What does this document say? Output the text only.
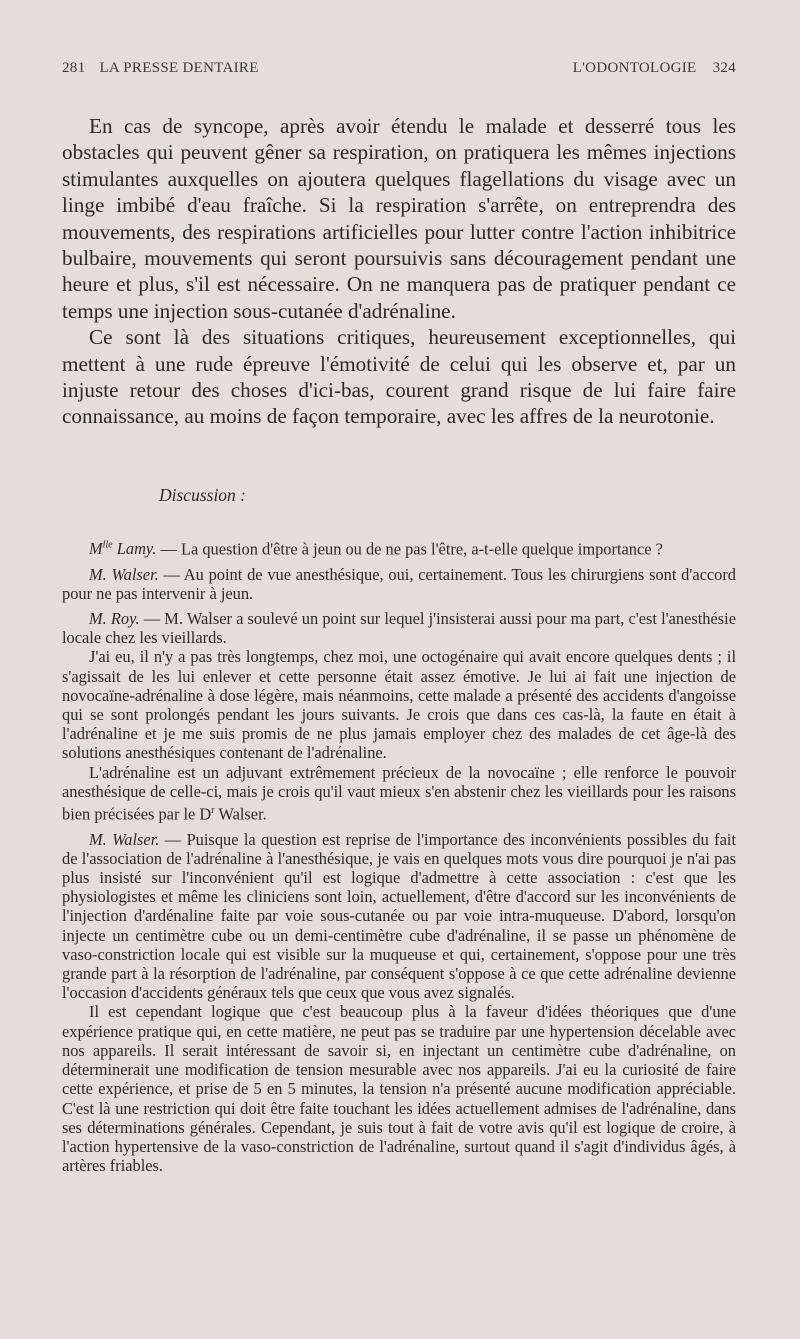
281 LA PRESSE DENTAIRE	L'ODONTOLOGIE 324

En cas de syncope, après avoir étendu le malade et desserré tous les obstacles qui peuvent gêner sa respiration, on pratiquera les mêmes injections stimulantes auxquelles on ajoutera quelques flagellations du visage avec un linge imbibé d'eau fraîche. Si la respiration s'arrête, on entreprendra des mouvements, des respirations artificielles pour lutter contre l'action inhibitrice bulbaire, mouvements qui seront poursuivis sans découragement pendant une heure et plus, s'il est nécessaire. On ne manquera pas de pratiquer pendant ce temps une injection sous-cutanée d'adrénaline.

Ce sont là des situations critiques, heureusement exceptionnelles, qui mettent à une rude épreuve l'émotivité de celui qui les observe et, par un injuste retour des choses d'ici-bas, courent grand risque de lui faire faire connaissance, au moins de façon temporaire, avec les affres de la neurotonie.

Discussion :

$M^{lle}$ Lamy. — La question d'être à jeun ou de ne pas l'être, a-t-elle quelque importance ?

M. Walser. — Au point de vue anesthésique, oui, certainement. Tous les chirurgiens sont d'accord pour ne pas intervenir à jeun.

M. Roy. — M. Walser a soulevé un point sur lequel j'insisterai aussi pour ma part, c'est l'anesthésie locale chez les vieillards.

J'ai eu, il n'y a pas très longtemps, chez moi, une octogénaire qui avait encore quelques dents ; il s'agissait de les lui enlever et cette personne était assez émotive. Je lui ai fait une injection de novocaïne-adrénaline à dose légère, mais néanmoins, cette malade a présenté des accidents d'angoisse qui se sont prolongés pendant les jours suivants. Je crois que dans ces cas-là, la faute en était à l'adrénaline et je me suis promis de ne plus jamais employer chez des malades de cet âge-là des solutions anesthésiques contenant de l'adrénaline.

L'adrénaline est un adjuvant extrêmement précieux de la novocaïne ; elle renforce le pouvoir anesthésique de celle-ci, mais je crois qu'il vaut mieux s'en abstenir chez les vieillards pour les raisons bien précisées par le $D^r$ Walser.

M. Walser. — Puisque la question est reprise de l'importance des inconvénients possibles du fait de l'association de l'adrénaline à l'anesthésique, je vais en quelques mots vous dire pourquoi je n'ai pas plus insisté sur l'inconvénient qu'il est logique d'admettre à cette association : c'est que les physiologistes et même les cliniciens sont loin, actuellement, d'être d'accord sur les inconvénients de l'injection d'ardénaline faite par voie sous-cutanée ou par voie intra-muqueuse. D'abord, lorsqu'on injecte un centimètre cube ou un demi-centimètre cube d'adrénaline, il se passe un phénomène de vaso-constriction locale qui est visible sur la muqueuse et qui, certainement, s'oppose pour une très grande part à la résorption de l'adrénaline, par conséquent s'oppose à ce que cette adrénaline devienne l'occasion d'accidents généraux tels que ceux que vous avez signalés.

Il est cependant logique que c'est beaucoup plus à la faveur d'idées théoriques que d'une expérience pratique qui, en cette matière, ne peut pas se traduire par une hypertension décelable avec nos appareils. Il serait intéressant de savoir si, en injectant un centimètre cube d'adrénaline, on déterminerait une modification de tension mesurable avec nos appareils. J'ai eu la curiosité de faire cette expérience, et prise de 5 en 5 minutes, la tension n'a présenté aucune modification appréciable. C'est là une restriction qui doit être faite touchant les idées actuellement admises de l'adrénaline, dans ses déterminations générales. Cependant, je suis tout à fait de votre avis qu'il est logique de croire, à l'action hypertensive de la vaso-constriction de l'adrénaline, surtout quand il s'agit d'individus âgés, à artères friables.
